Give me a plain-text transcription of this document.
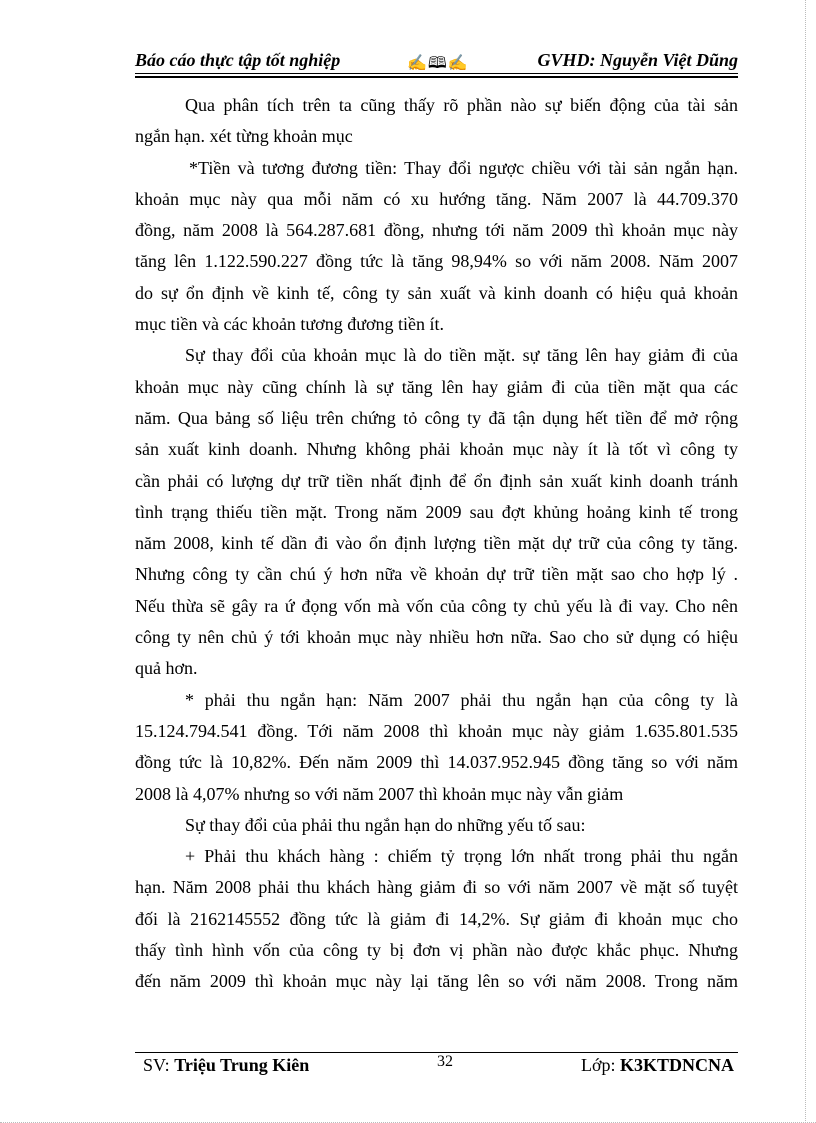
Báo cáo thực tập tốt nghiệp	✍🕮✍	GVHD: Nguyễn Việt Dũng

Qua phân tích trên ta cũng thấy rõ phần nào sự biến động của tài sản

ngắn hạn. xét từng khoản mục

*Tiền và tương đương tiền: Thay đổi ngược chiều với tài sản ngắn hạn.

khoản mục này qua mỗi năm có xu hướng tăng. Năm 2007 là 44.709.370

đồng, năm 2008 là 564.287.681 đồng, nhưng tới năm 2009 thì khoản mục này

tăng lên 1.122.590.227 đồng tức là tăng 98,94% so với năm 2008. Năm 2007

do sự ổn định về kinh tế, công ty sản xuất và kinh doanh có hiệu quả khoản

mục tiền và các khoản tương đương tiền ít.

Sự thay đổi của khoản mục là do tiền mặt. sự tăng lên hay giảm đi của

khoản mục này cũng chính là sự tăng lên hay giảm đi của tiền mặt qua các

năm. Qua bảng số liệu trên chứng tỏ công ty đã tận dụng hết tiền để mở rộng

sản xuất kinh doanh. Nhưng không phải khoản mục này ít là tốt vì công ty

cần phải có lượng dự trữ tiền nhất định để ổn định sản xuất kinh doanh tránh

tình trạng thiếu tiền mặt. Trong năm 2009 sau đợt khủng hoảng kinh tế trong

năm 2008, kinh tế dần đi vào ổn định lượng tiền mặt dự trữ của công ty tăng.

Nhưng công ty cần chú ý hơn nữa về khoản dự trữ tiền mặt sao cho hợp lý .

Nếu thừa sẽ gây ra ứ đọng vốn mà vốn của công ty chủ yếu là đi vay. Cho nên

công ty nên chủ ý tới khoản mục này nhiều hơn nữa. Sao cho sử dụng có hiệu

quả hơn.

* phải thu ngắn hạn: Năm 2007 phải thu ngắn hạn của công ty là

15.124.794.541 đồng. Tới năm 2008 thì khoản mục này giảm 1.635.801.535

đồng tức là 10,82%. Đến năm 2009 thì 14.037.952.945 đồng tăng so với năm

2008 là 4,07% nhưng so với năm 2007 thì khoản mục này vẫn giảm

Sự thay đổi của phải thu ngắn hạn do những yếu tố sau:

+ Phải thu khách hàng : chiếm tỷ trọng lớn nhất trong phải thu ngắn

hạn. Năm 2008 phải thu khách hàng giảm đi so với năm 2007 về mặt số tuyệt

đối là 2162145552 đồng tức là giảm đi 14,2%. Sự giảm đi khoản mục cho

thấy tình hình vốn của công ty bị đơn vị phần nào được khắc phục. Nhưng

đến năm 2009 thì khoản mục này lại tăng lên so với năm 2008. Trong năm

SV: Triệu Trung Kiên	32	Lớp: K3KTDNCNA
